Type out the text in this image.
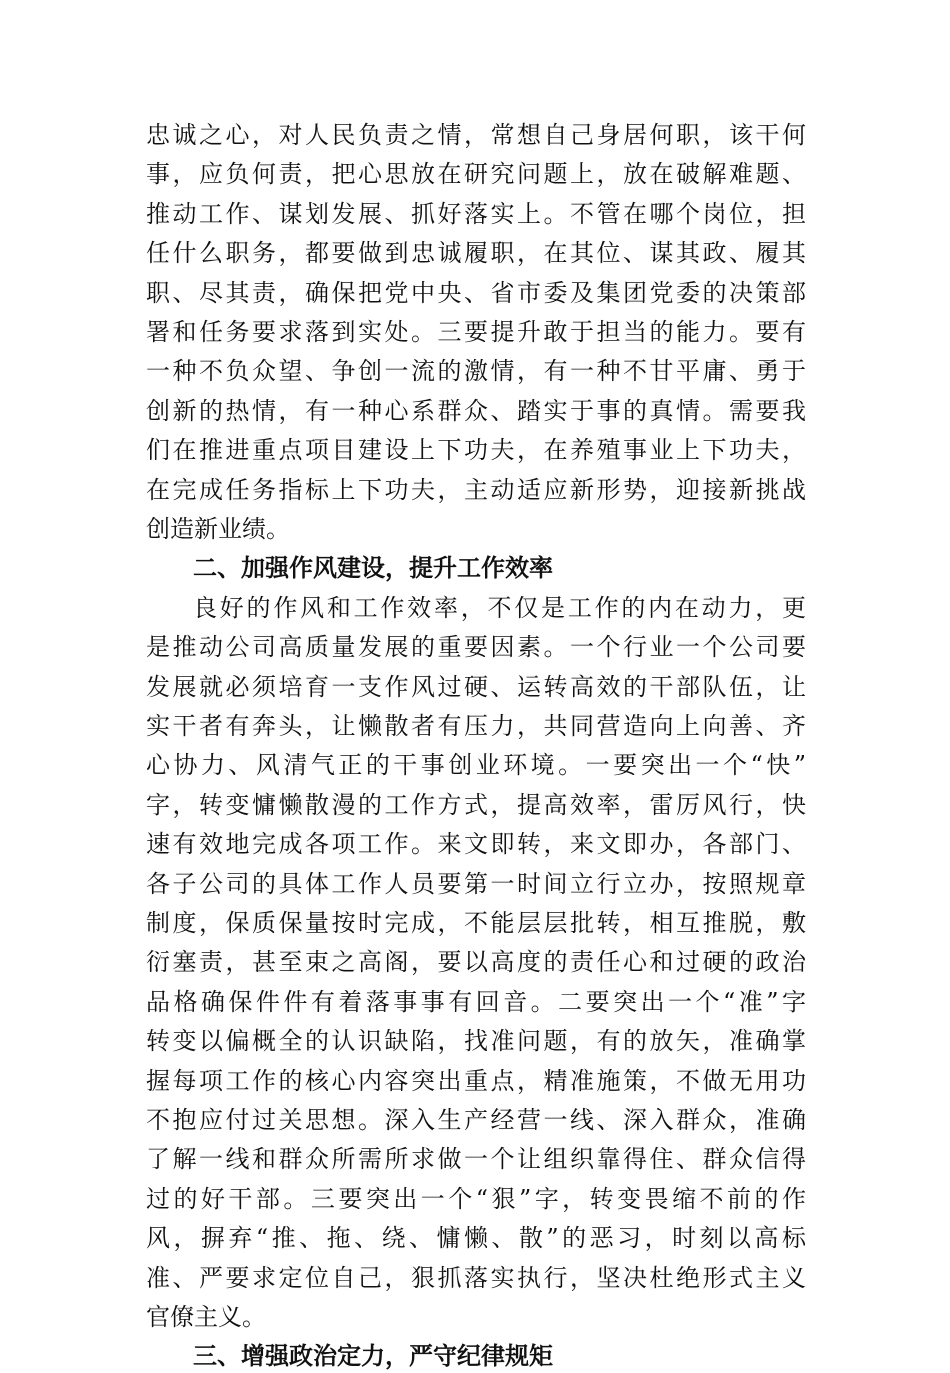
忠诚之心，对人民负责之情，常想自己身居何职，该干何
事，应负何责，把心思放在研究问题上，放在破解难题、
推动工作、谋划发展、抓好落实上。不管在哪个岗位，担
任什么职务，都要做到忠诚履职，在其位、谋其政、履其
职、尽其责，确保把党中央、省市委及集团党委的决策部
署和任务要求落到实处。三要提升敢于担当的能力。要有
一种不负众望、争创一流的激情，有一种不甘平庸、勇于
创新的热情，有一种心系群众、踏实于事的真情。需要我
们在推进重点项目建设上下功夫，在养殖事业上下功夫，
在完成任务指标上下功夫，主动适应新形势，迎接新挑战
创造新业绩。
二、加强作风建设，提升工作效率
良好的作风和工作效率，不仅是工作的内在动力，更
是推动公司高质量发展的重要因素。一个行业一个公司要
发展就必须培育一支作风过硬、运转高效的干部队伍，让
实干者有奔头，让懒散者有压力，共同营造向上向善、齐
心协力、风清气正的干事创业环境。一要突出一个“快”
字，转变慵懒散漫的工作方式，提高效率，雷厉风行，快
速有效地完成各项工作。来文即转，来文即办，各部门、
各子公司的具体工作人员要第一时间立行立办，按照规章
制度，保质保量按时完成，不能层层批转，相互推脱，敷
衍塞责，甚至束之高阁，要以高度的责任心和过硬的政治
品格确保件件有着落事事有回音。二要突出一个“准”字
转变以偏概全的认识缺陷，找准问题，有的放矢，准确掌
握每项工作的核心内容突出重点，精准施策，不做无用功
不抱应付过关思想。深入生产经营一线、深入群众，准确
了解一线和群众所需所求做一个让组织靠得住、群众信得
过的好干部。三要突出一个“狠”字，转变畏缩不前的作
风，摒弃“推、拖、绕、慵懒、散”的恶习，时刻以高标
准、严要求定位自己，狠抓落实执行，坚决杜绝形式主义
官僚主义。
三、增强政治定力，严守纪律规矩
